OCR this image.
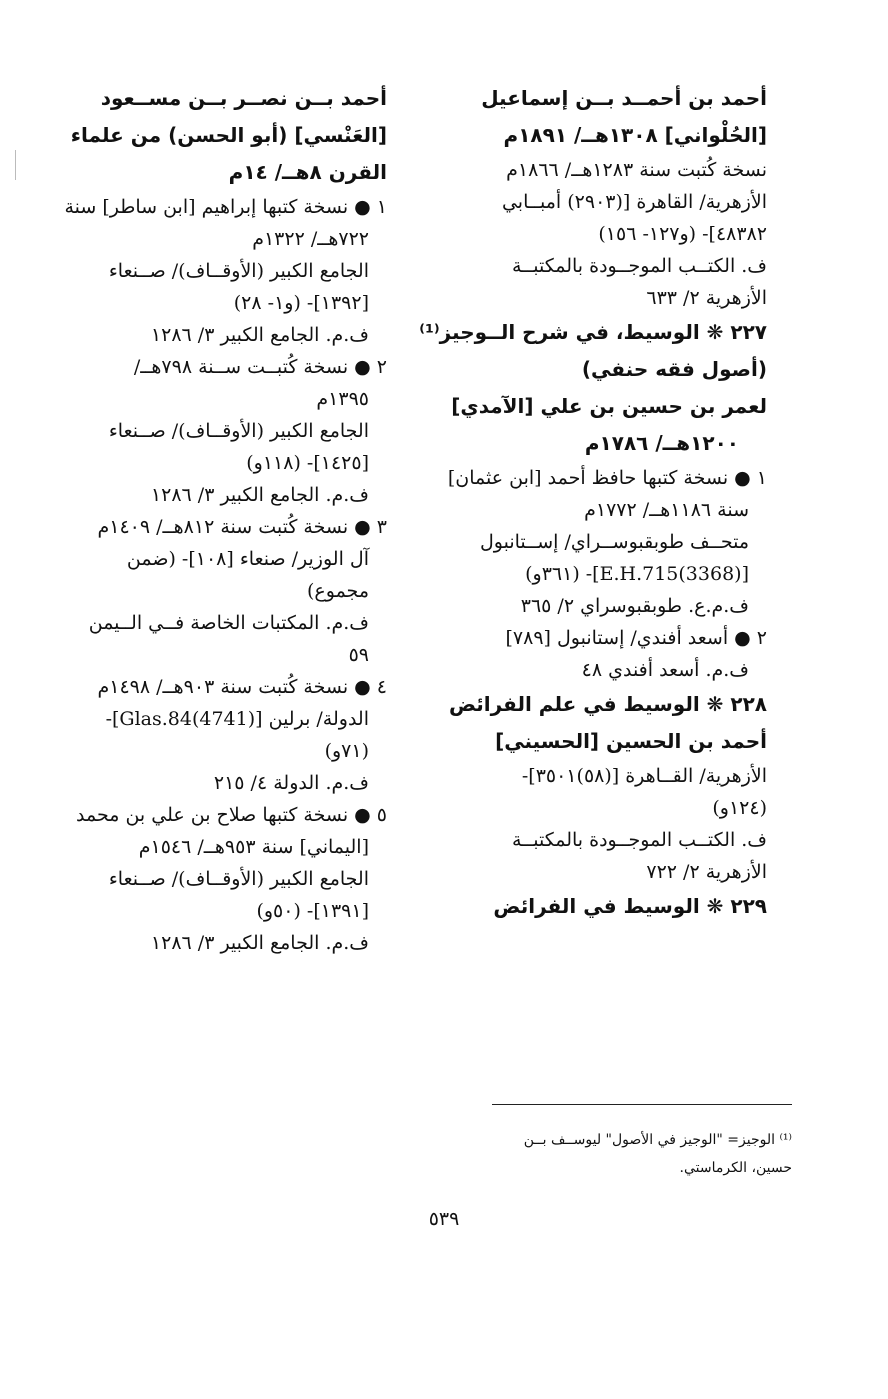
أحمد بن أحمــد بــن إسماعيل
[الحُلْواني] ١٣٠٨هــ/ ١٨٩١م
نسخة كُتبت سنة ١٢٨٣هــ/ ١٨٦٦م
الأزهرية/ القاهرة [(٢٩٠٣) أمبــابي
٤٨٣٨٢]- (و١٢٧- ١٥٦)
ف. الكتــب الموجــودة بالمكتبــة
الأزهرية ٢/ ٦٣٣
٢٢٧ ❋ الوسيط، في شرح الــوجيز⁽¹⁾
(أصول فقه حنفي)
لعمر بن حسين بن علي [الآمدي]
١٢٠٠هــ/ ١٧٨٦م
١ ● نسخة كتبها حافظ أحمد [ابن عثمان]
سنة ١١٨٦هــ/ ١٧٧٢م
متحــف طوبقبوســراي/ إســتانبول
[E.H.715(3368)]- (٣٦١و)
ف.م.ع. طوبقبوسراي ٢/ ٣٦٥
٢ ● أسعد أفندي/ إستانبول [٧٨٩]
ف.م. أسعد أفندي ٤٨
٢٢٨ ❋ الوسيط في علم الفرائض
أحمد بن الحسين [الحسيني]
الأزهرية/ القــاهرة [(٥٨)٣٥٠١]-
(١٢٤و)
ف. الكتــب الموجــودة بالمكتبــة
الأزهرية ٢/ ٧٢٢
٢٢٩ ❋ الوسيط في الفرائض
أحمد بــن نصــر بــن مســعود
[العَنْسي] (أبو الحسن) من علماء
القرن ٨هــ/ ١٤م
١ ● نسخة كتبها إبراهيم [ابن ساطر] سنة
٧٢٢هــ/ ١٣٢٢م
الجامع الكبير (الأوقــاف)/ صــنعاء
[١٣٩٢]- (و١- ٢٨)
ف.م. الجامع الكبير ٣/ ١٢٨٦
٢ ● نسخة كُتبــت ســنة ٧٩٨هــ/
١٣٩٥م
الجامع الكبير (الأوقــاف)/ صــنعاء
[١٤٢٥]- (١١٨و)
ف.م. الجامع الكبير ٣/ ١٢٨٦
٣ ● نسخة كُتبت سنة ٨١٢هــ/ ١٤٠٩م
آل الوزير/ صنعاء [١٠٨]- (ضمن
مجموع)
ف.م. المكتبات الخاصة فــي الــيمن
٥٩
٤ ● نسخة كُتبت سنة ٩٠٣هــ/ ١٤٩٨م
الدولة/ برلين [Glas.84(4741)]-
(٧١و)
ف.م. الدولة ٤/ ٢١٥
٥ ● نسخة كتبها صلاح بن علي بن محمد
[اليماني] سنة ٩٥٣هــ/ ١٥٤٦م
الجامع الكبير (الأوقــاف)/ صــنعاء
[١٣٩١]- (٥٠و)
ف.م. الجامع الكبير ٣/ ١٢٨٦
⁽¹⁾ الوجيز= "الوجيز في الأصول" ليوســف بــن
حسين، الكرماستي.
٥٣٩
